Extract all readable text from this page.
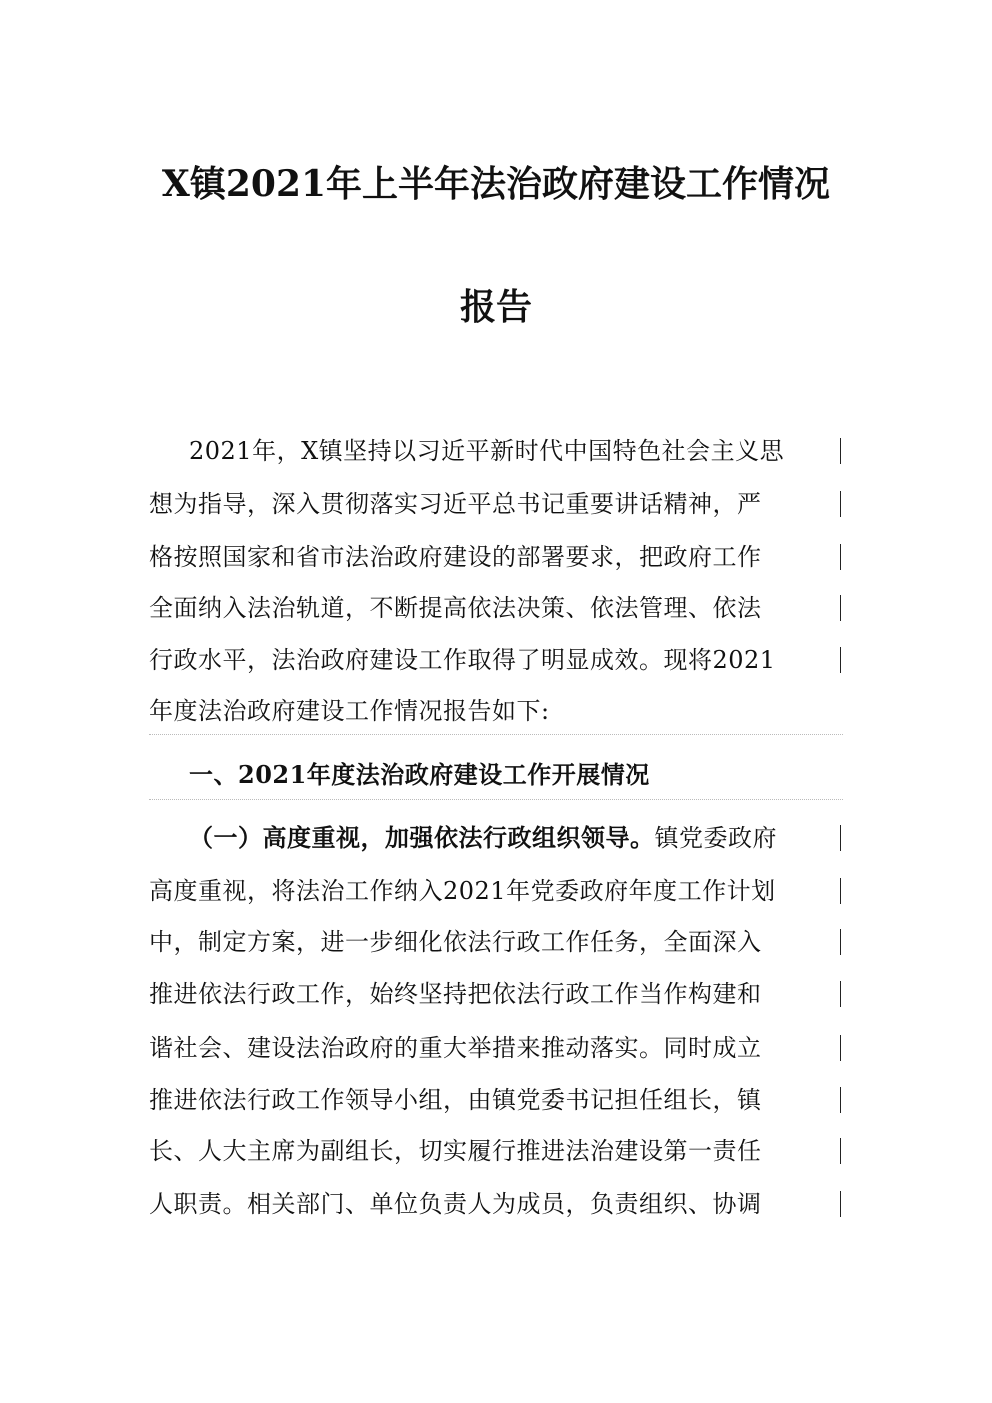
X镇2021年上半年法治政府建设工作情况
报告
2021年，X镇坚持以习近平新时代中国特色社会主义思
想为指导，深入贯彻落实习近平总书记重要讲话精神，严
格按照国家和省市法治政府建设的部署要求，把政府工作
全面纳入法治轨道，不断提高依法决策、依法管理、依法
行政水平，法治政府建设工作取得了明显成效。现将2021
年度法治政府建设工作情况报告如下:
一、2021年度法治政府建设工作开展情况
（一）高度重视，加强依法行政组织领导。镇党委政府
高度重视，将法治工作纳入2021年党委政府年度工作计划
中，制定方案，进一步细化依法行政工作任务，全面深入
推进依法行政工作，始终坚持把依法行政工作当作构建和
谐社会、建设法治政府的重大举措来推动落实。同时成立
推进依法行政工作领导小组，由镇党委书记担任组长，镇
长、人大主席为副组长，切实履行推进法治建设第一责任
人职责。相关部门、单位负责人为成员，负责组织、协调
